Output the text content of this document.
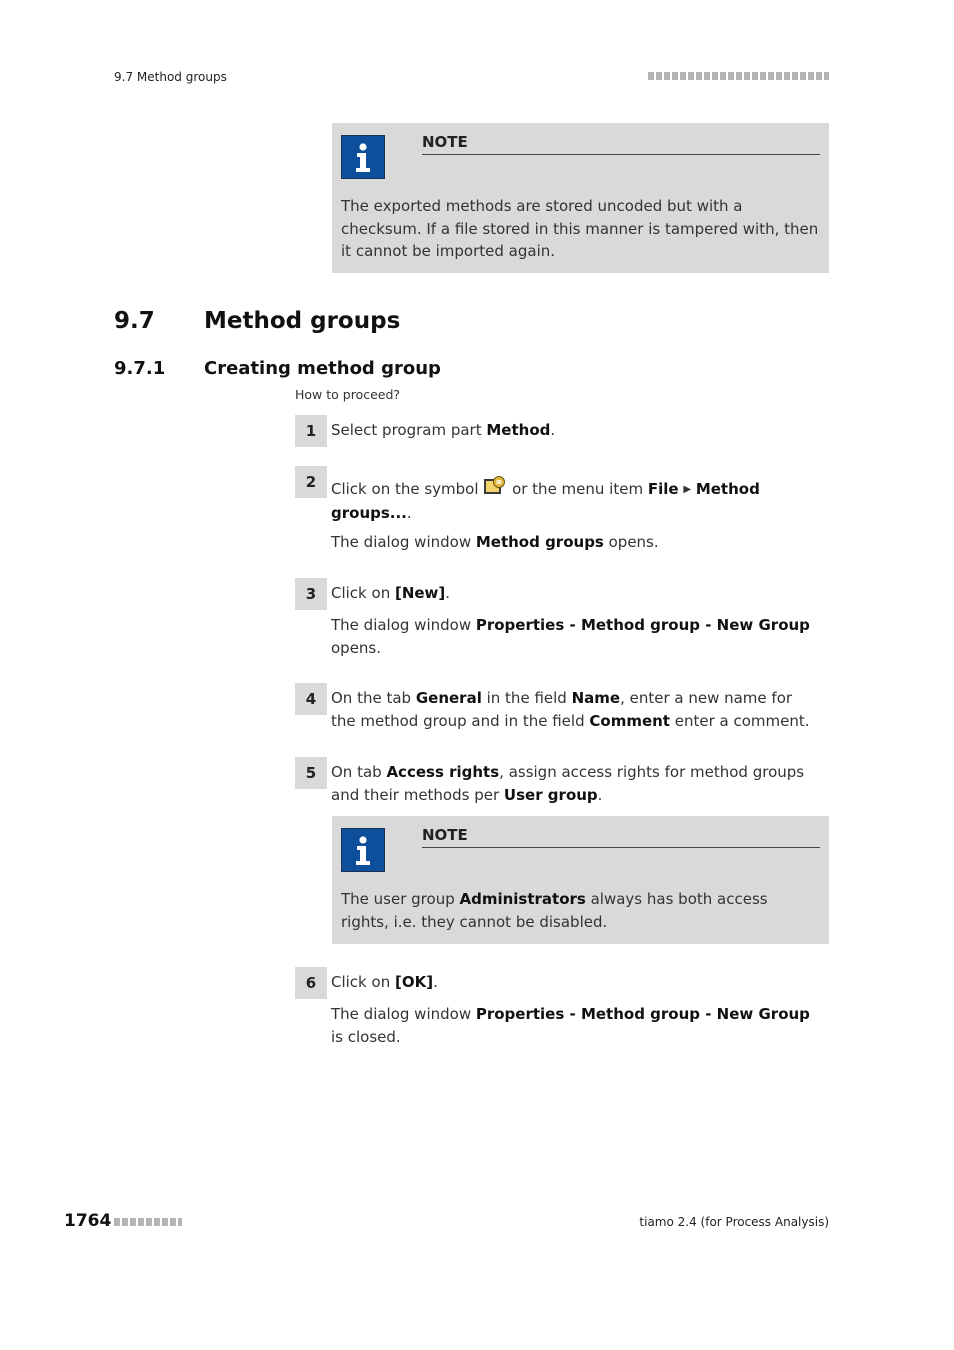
9.7 Method groups
NOTE
The exported methods are stored uncoded but with a checksum. If a file stored in this manner is tampered with, then it cannot be imported again.
9.7 Method groups
9.7.1 Creating method group
How to proceed?
1 Select program part Method.
2 Click on the symbol  or the menu item File ▶ Method groups....
The dialog window Method groups opens.
3 Click on [New].
The dialog window Properties - Method group - New Group opens.
4 On the tab General in the field Name, enter a new name for the method group and in the field Comment enter a comment.
5 On tab Access rights, assign access rights for method groups and their methods per User group.
NOTE
The user group Administrators always has both access rights, i.e. they cannot be disabled.
6 Click on [OK].
The dialog window Properties - Method group - New Group is closed.
1764	tiamo 2.4 (for Process Analysis)
